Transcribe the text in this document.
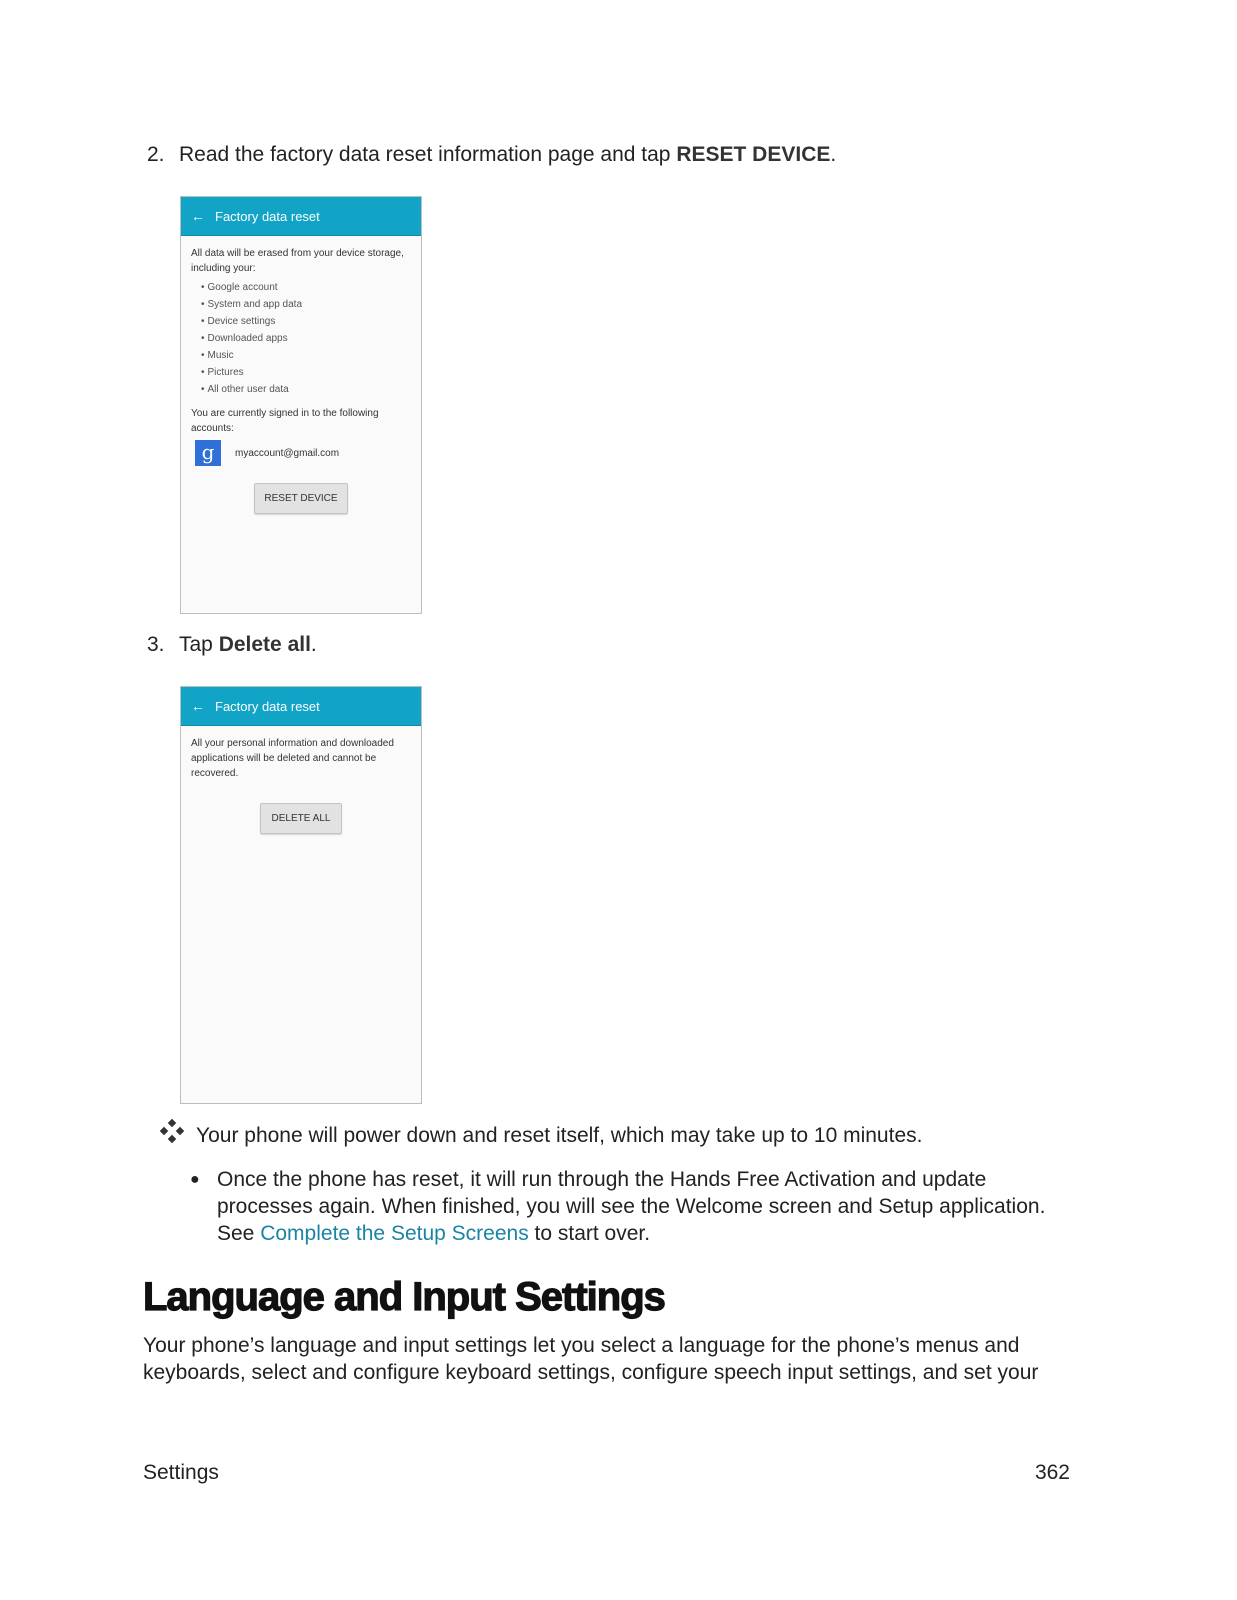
2. Read the factory data reset information page and tap RESET DEVICE.
← Factory data reset
All data will be erased from your device storage, including your:
• Google account
• System and app data
• Device settings
• Downloaded apps
• Music
• Pictures
• All other user data
You are currently signed in to the following accounts:
g	myaccount@gmail.com
RESET DEVICE
3. Tap Delete all.
← Factory data reset
All your personal information and downloaded applications will be deleted and cannot be recovered.
DELETE ALL
Your phone will power down and reset itself, which may take up to 10 minutes.
● Once the phone has reset, it will run through the Hands Free Activation and update processes again. When finished, you will see the Welcome screen and Setup application. See Complete the Setup Screens to start over.
Language and Input Settings
Your phone’s language and input settings let you select a language for the phone’s menus and keyboards, select and configure keyboard settings, configure speech input settings, and set your
Settings	362
